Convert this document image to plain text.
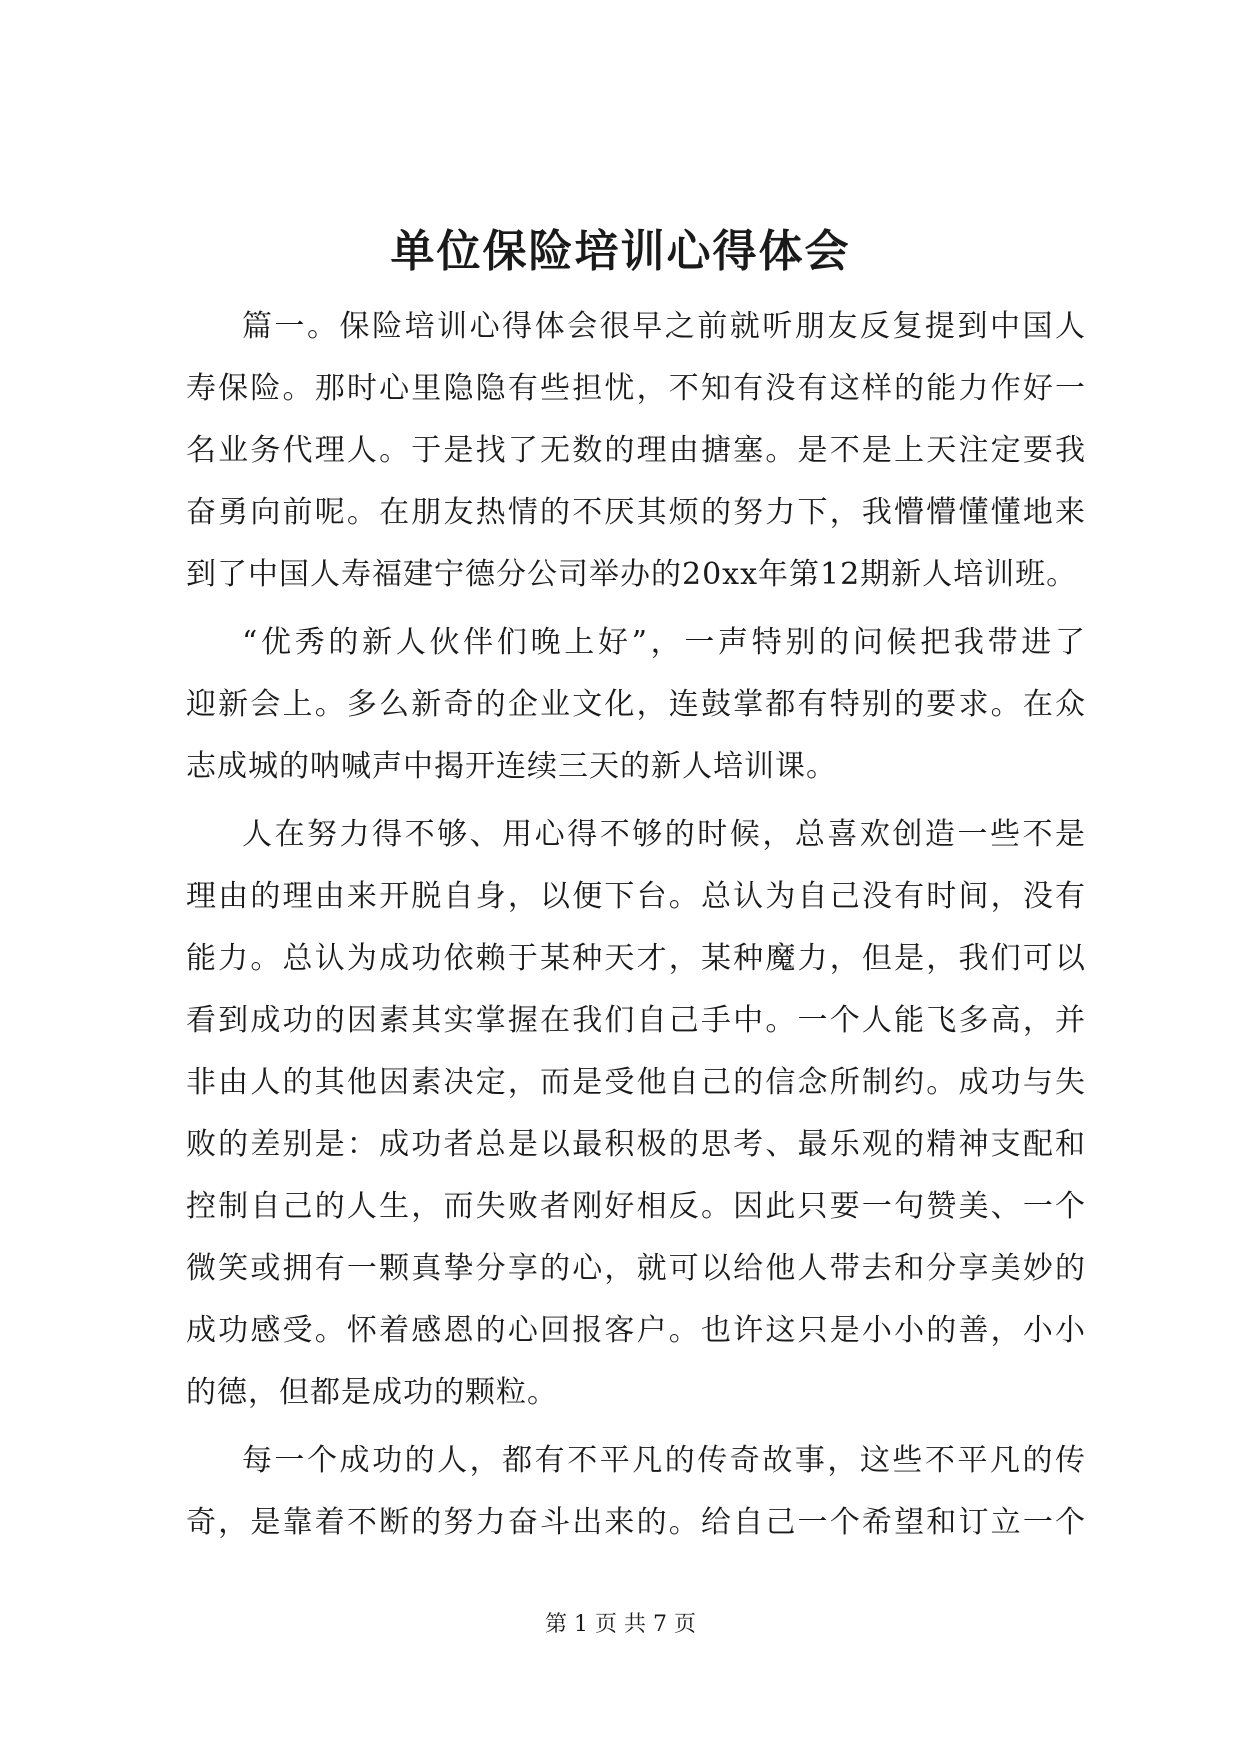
单位保险培训心得体会
篇一。保险培训心得体会很早之前就听朋友反复提到中国人
寿保险。那时心里隐隐有些担忧，不知有没有这样的能力作好一
名业务代理人。于是找了无数的理由搪塞。是不是上天注定要我
奋勇向前呢。在朋友热情的不厌其烦的努力下，我懵懵懂懂地来
到了中国人寿福建宁德分公司举办的20xx年第12期新人培训班。
“优秀的新人伙伴们晚上好”，一声特别的问候把我带进了
迎新会上。多么新奇的企业文化，连鼓掌都有特别的要求。在众
志成城的呐喊声中揭开连续三天的新人培训课。
人在努力得不够、用心得不够的时候，总喜欢创造一些不是
理由的理由来开脱自身，以便下台。总认为自己没有时间，没有
能力。总认为成功依赖于某种天才，某种魔力，但是，我们可以
看到成功的因素其实掌握在我们自己手中。一个人能飞多高，并
非由人的其他因素决定，而是受他自己的信念所制约。成功与失
败的差别是：成功者总是以最积极的思考、最乐观的精神支配和
控制自己的人生，而失败者刚好相反。因此只要一句赞美、一个
微笑或拥有一颗真挚分享的心，就可以给他人带去和分享美妙的
成功感受。怀着感恩的心回报客户。也许这只是小小的善，小小
的德，但都是成功的颗粒。
每一个成功的人，都有不平凡的传奇故事，这些不平凡的传
奇，是靠着不断的努力奋斗出来的。给自己一个希望和订立一个
第 1 页 共 7 页
